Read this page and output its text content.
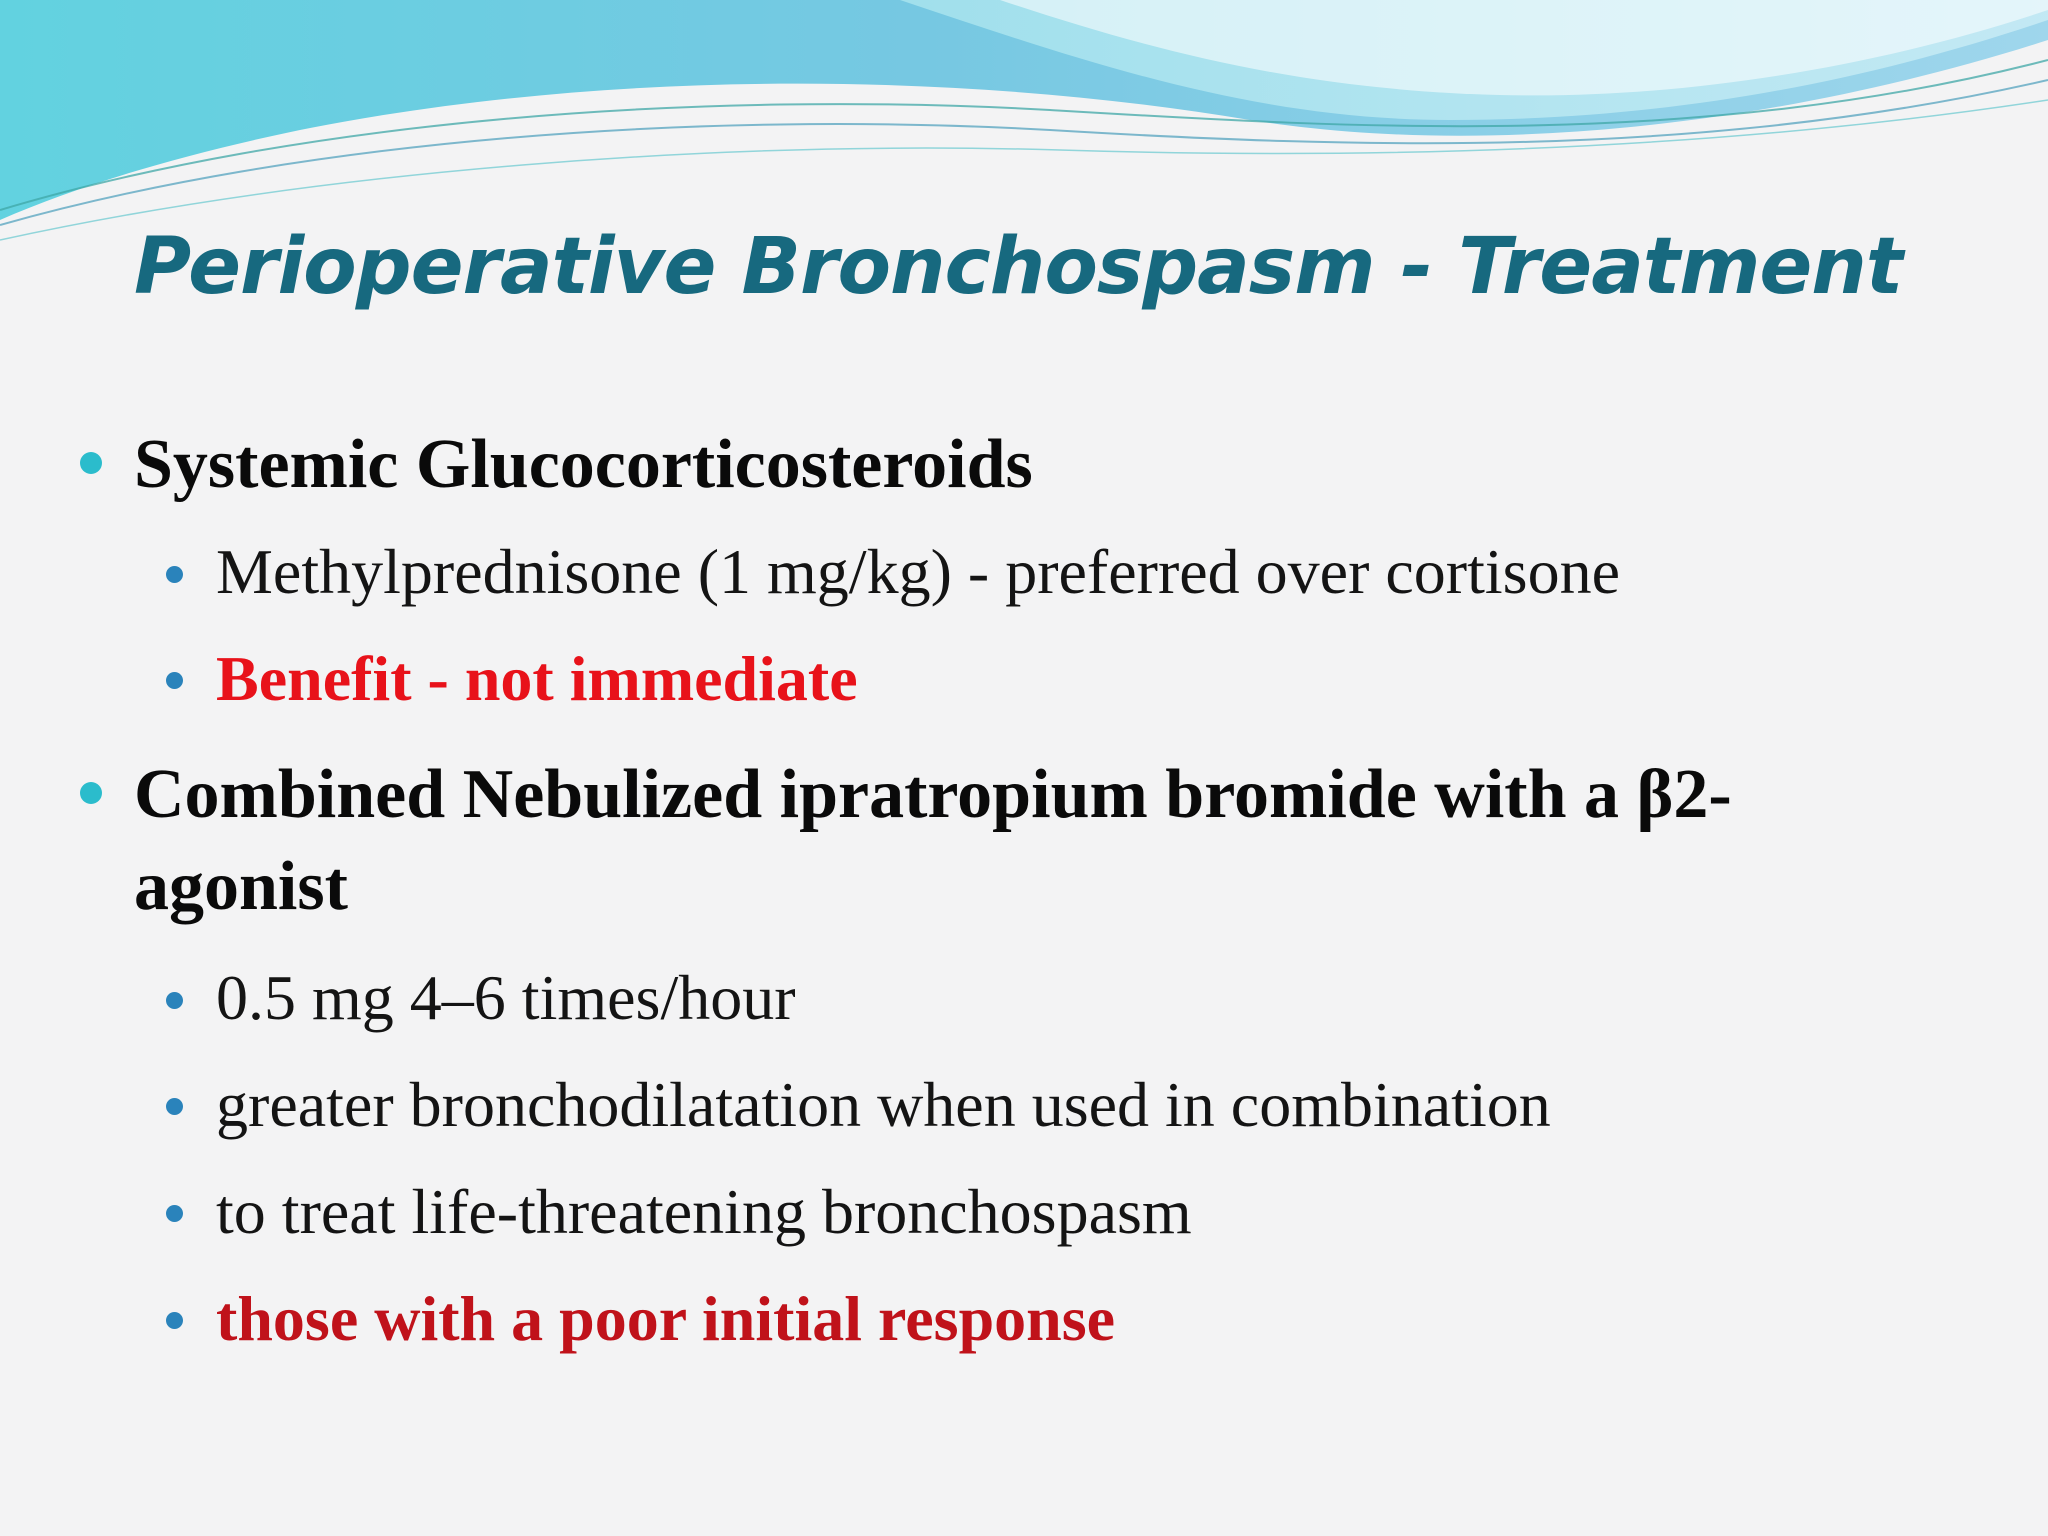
Perioperative Bronchospasm - Treatment
Systemic Glucocorticosteroids
Methylprednisone (1 mg/kg) - preferred over cortisone
Benefit - not immediate
Combined Nebulized ipratropium bromide with a β2-
agonist
0.5 mg 4–6 times/hour
greater bronchodilatation when used in combination
to treat life-threatening bronchospasm
those with a poor initial response
